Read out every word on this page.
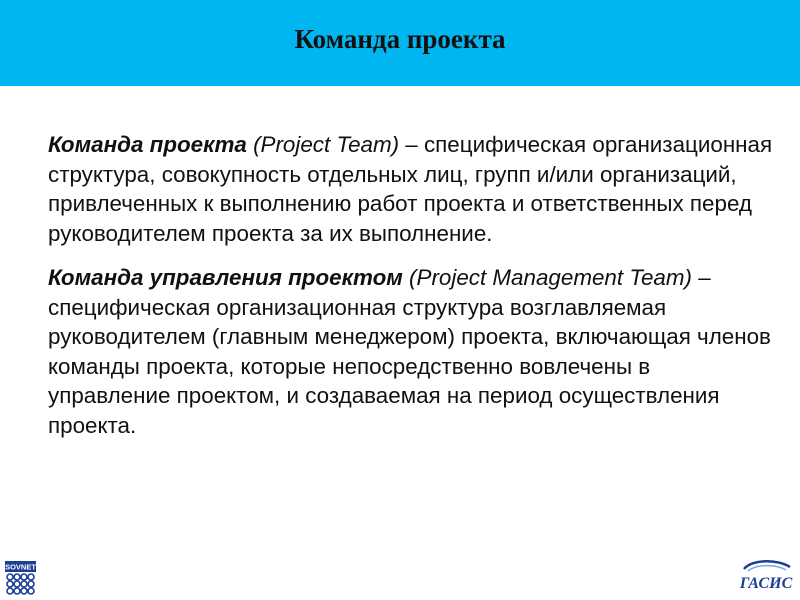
Команда проекта

Команда проекта (Project Team) – специфическая организационная структура, совокупность отдельных лиц, групп и/или организаций, привлеченных к выполнению работ проекта и ответственных перед руководителем проекта за их выполнение.

Команда управления проектом (Project Management Team) – специфическая организационная структура возглавляемая руководителем (главным менеджером) проекта, включающая членов команды проекта, которые непосредственно вовлечены в управление проектом, и создаваемая на период осуществления проекта.

SOVNET
ГАСИС
